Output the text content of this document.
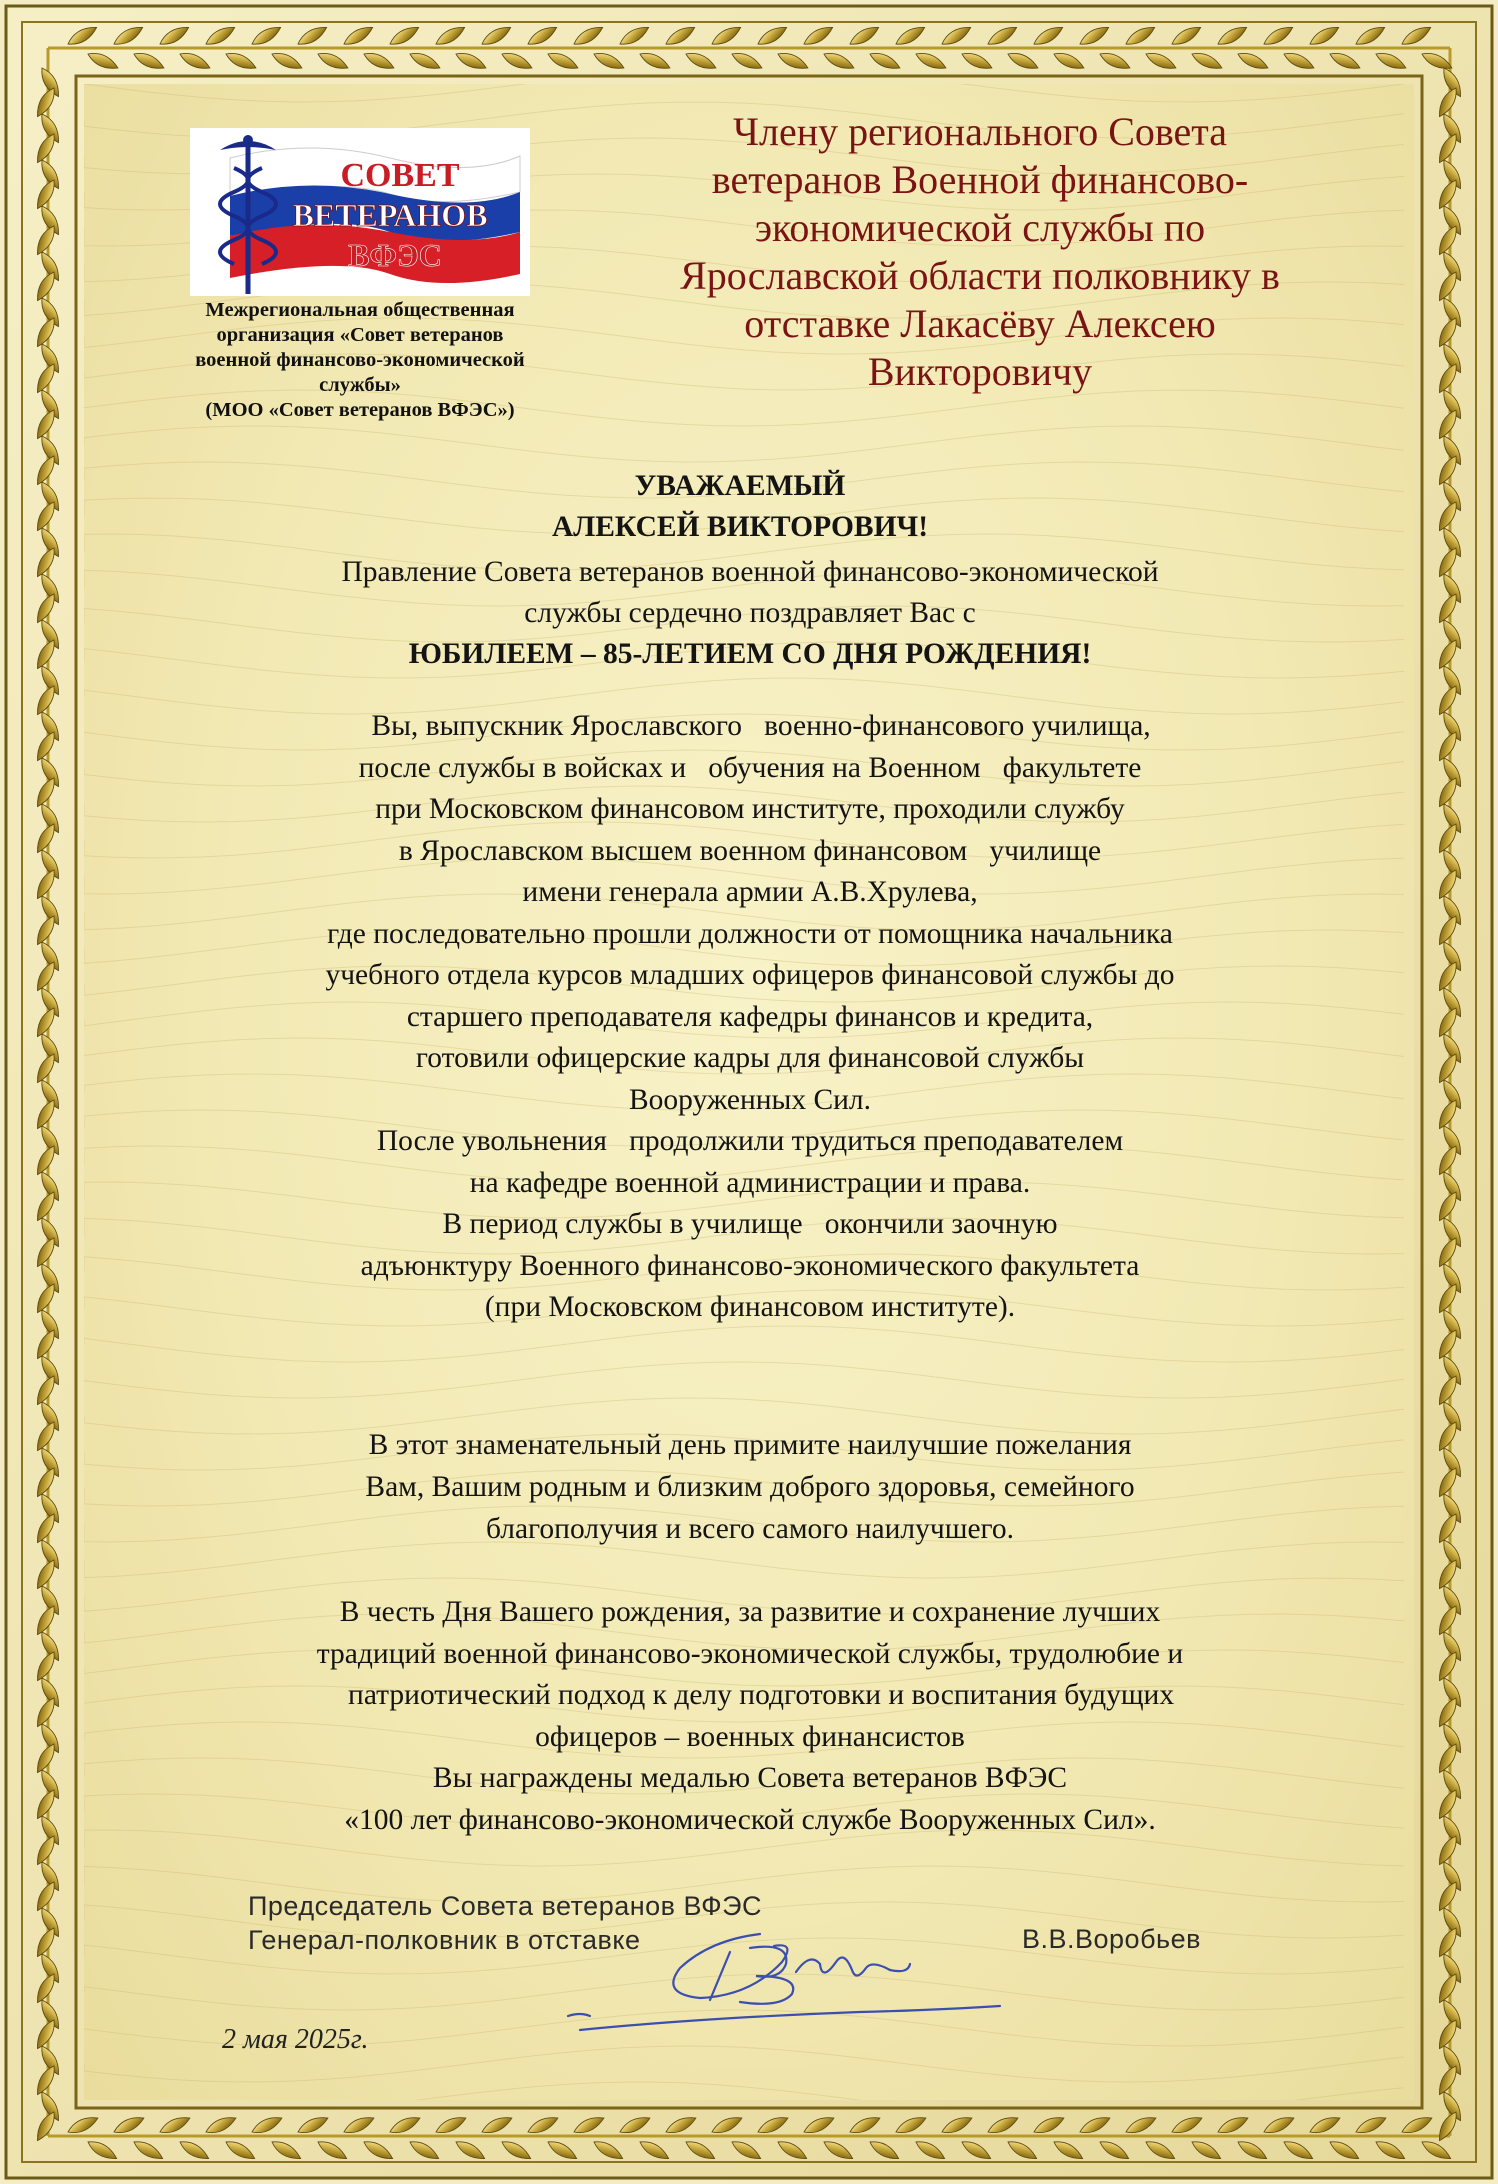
СОВЕТ
ВЕТЕРАНОВ
ВФЭС
Межрегиональная общественная
организация «Совет ветеранов
военной финансово-экономической
службы»
(МОО «Совет ветеранов ВФЭС»)
Члену регионального Совета
ветеранов Военной финансово-
экономической службы по
Ярославской области полковнику в
отставке Лакасёву Алексею
Викторовичу
УВАЖАЕМЫЙ
АЛЕКСЕЙ ВИКТОРОВИЧ!
Правление Совета ветеранов военной финансово-экономической
службы сердечно поздравляет Вас с
ЮБИЛЕЕМ – 85-ЛЕТИЕМ СО ДНЯ РОЖДЕНИЯ!
Вы, выпускник Ярославского   военно-финансового училища,
после службы в войсках и   обучения на Военном   факультете
при Московском финансовом институте, проходили службу
в Ярославском высшем военном финансовом   училище
имени генерала армии А.В.Хрулева,
где последовательно прошли должности от помощника начальника
учебного отдела курсов младших офицеров финансовой службы до
старшего преподавателя кафедры финансов и кредита,
готовили офицерские кадры для финансовой службы
Вооруженных Сил.
После увольнения   продолжили трудиться преподавателем
на кафедре военной администрации и права.
В период службы в училище   окончили заочную
адъюнктуру Военного финансово-экономического факультета
(при Московском финансовом институте).
В этот знаменательный день примите наилучшие пожелания
Вам, Вашим родным и близким доброго здоровья, семейного
благополучия и всего самого наилучшего.
В честь Дня Вашего рождения, за развитие и сохранение лучших
традиций военной финансово-экономической службы, трудолюбие и
патриотический подход к делу подготовки и воспитания будущих
офицеров – военных финансистов
Вы награждены медалью Совета ветеранов ВФЭС
«100 лет финансово-экономической службе Вооруженных Сил».
Председатель Совета ветеранов ВФЭС
Генерал-полковник в отставке	В.В.Воробьев
2 мая 2025г.
